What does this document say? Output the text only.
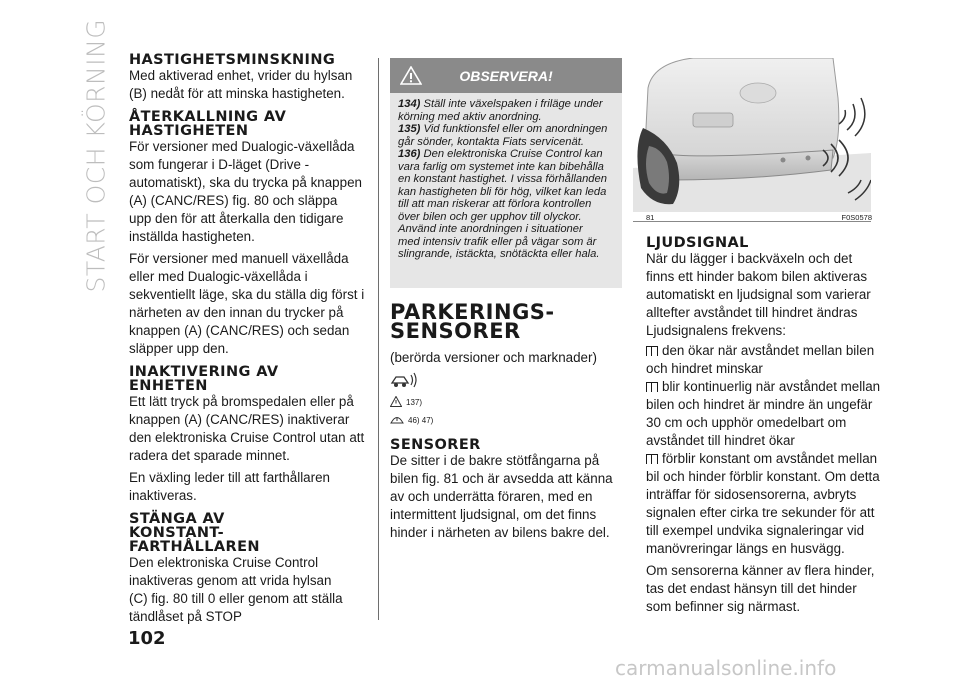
START OCH KÖRNING
102
HASTIGHETSMINSKNING

Med aktiverad enhet, vrider du hylsan
(B) nedåt för att minska hastigheten.

ÅTERKALLNING AV
HASTIGHETEN

För versioner med Dualogic-växellåda
som fungerar i D-läget (Drive -
automatiskt), ska du trycka på knappen
(A) (CANC/RES) fig. 80 och släppa
upp den för att återkalla den tidigare
inställda hastigheten.

För versioner med manuell växellåda
eller med Dualogic-växellåda i
sekventiellt läge, ska du ställa dig först i
närheten av den innan du trycker på
knappen (A) (CANC/RES) och sedan
släpper upp den.

INAKTIVERING AV
ENHETEN

Ett lätt tryck på bromspedalen eller på
knappen (A) (CANC/RES) inaktiverar
den elektroniska Cruise Control utan att
radera det sparade minnet.

En växling leder till att farthållaren
inaktiveras.

STÄNGA AV
KONSTANT-
FARTHÅLLAREN

Den elektroniska Cruise Control
inaktiveras genom att vrida hylsan
(C) fig. 80 till 0 eller genom att ställa
tändlåset på STOP

OBSERVERA!
134) Ställ inte växelspaken i friläge under
körning med aktiv anordning.
135) Vid funktionsfel eller om anordningen
går sönder, kontakta Fiats servicenät.
136) Den elektroniska Cruise Control kan
vara farlig om systemet inte kan bibehålla
en konstant hastighet. I vissa förhållanden
kan hastigheten bli för hög, vilket kan leda
till att man riskerar att förlora kontrollen
över bilen och ger upphov till olyckor.
Använd inte anordningen i situationer
med intensiv trafik eller på vägar som är
slingrande, istäckta, snötäckta eller hala.
PARKERINGS-
SENSORER

(berörda versioner och marknader)

137)
46) 47)
SENSORER

De sitter i de bakre stötfångarna på
bilen fig. 81 och är avsedda att känna
av och underrätta föraren, med en
intermittent ljudsignal, om det finns
hinder i närheten av bilens bakre del.

81	F0S0578
LJUDSIGNAL

När du lägger i backväxeln och det
finns ett hinder bakom bilen aktiveras
automatiskt en ljudsignal som varierar
alltefter avståndet till hindret ändras
Ljudsignalens frekvens:

den ökar när avståndet mellan bilen
och hindret minskar

blir kontinuerlig när avståndet mellan
bilen och hindret är mindre än ungefär
30 cm och upphör omedelbart om
avståndet till hindret ökar

förblir konstant om avståndet mellan
bil och hinder förblir konstant. Om detta
inträffar för sidosensorerna, avbryts
signalen efter cirka tre sekunder för att
till exempel undvika signaleringar vid
manövreringar längs en husvägg.

Om sensorerna känner av flera hinder,
tas det endast hänsyn till det hinder
som befinner sig närmast.

carmanualsonline.info
